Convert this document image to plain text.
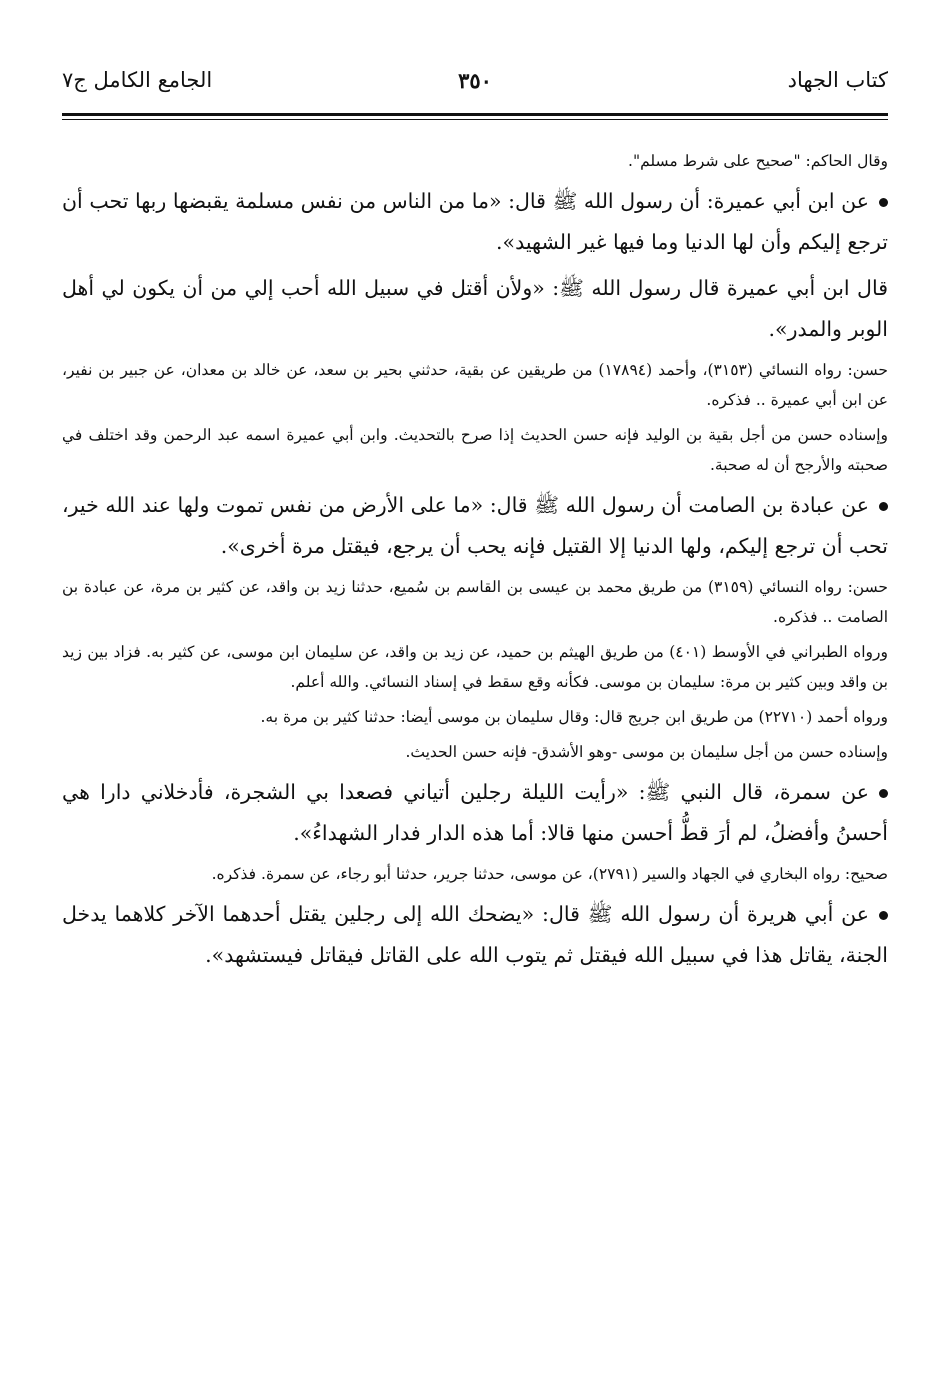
كتاب الجهاد
٣٥٠
الجامع الكامل ج٧

وقال الحاكم: "صحيح على شرط مسلم".

عن ابن أبي عميرة: أن رسول الله ﷺ قال: «ما من الناس من نفس مسلمة يقبضها ربها تحب أن ترجع إليكم وأن لها الدنيا وما فيها غير الشهيد».

قال ابن أبي عميرة قال رسول الله ﷺ: «ولأن أقتل في سبيل الله أحب إلي من أن يكون لي أهل الوبر والمدر».

حسن: رواه النسائي (٣١٥٣)، وأحمد (١٧٨٩٤) من طريقين عن بقية، حدثني بحير بن سعد، عن خالد بن معدان، عن جبير بن نفير، عن ابن أبي عميرة .. فذكره.

وإسناده حسن من أجل بقية بن الوليد فإنه حسن الحديث إذا صرح بالتحديث. وابن أبي عميرة اسمه عبد الرحمن وقد اختلف في صحبته والأرجح أن له صحبة.

عن عبادة بن الصامت أن رسول الله ﷺ قال: «ما على الأرض من نفس تموت ولها عند الله خير، تحب أن ترجع إليكم، ولها الدنيا إلا القتيل فإنه يحب أن يرجع، فيقتل مرة أخرى».

حسن: رواه النسائي (٣١٥٩) من طريق محمد بن عيسى بن القاسم بن سُميع، حدثنا زيد بن واقد، عن كثير بن مرة، عن عبادة بن الصامت .. فذكره.

ورواه الطبراني في الأوسط (٤٠١) من طريق الهيثم بن حميد، عن زيد بن واقد، عن سليمان ابن موسى، عن كثير به. فزاد بين زيد بن واقد وبين كثير بن مرة: سليمان بن موسى. فكأنه وقع سقط في إسناد النسائي. والله أعلم.

ورواه أحمد (٢٢٧١٠) من طريق ابن جريج قال: وقال سليمان بن موسى أيضا: حدثنا كثير بن مرة به.

وإسناده حسن من أجل سليمان بن موسى -وهو الأشدق- فإنه حسن الحديث.

عن سمرة، قال النبي ﷺ: «رأيت الليلة رجلين أتياني فصعدا بي الشجرة، فأدخلاني دارا هي أحسنُ وأفضلُ، لم أرَ قطُّ أحسن منها قالا: أما هذه الدار فدار الشهداءُ».

صحيح: رواه البخاري في الجهاد والسير (٢٧٩١)، عن موسى، حدثنا جرير، حدثنا أبو رجاء، عن سمرة. فذكره.

عن أبي هريرة أن رسول الله ﷺ قال: «يضحك الله إلى رجلين يقتل أحدهما الآخر كلاهما يدخل الجنة، يقاتل هذا في سبيل الله فيقتل ثم يتوب الله على القاتل فيقاتل فيستشهد».
